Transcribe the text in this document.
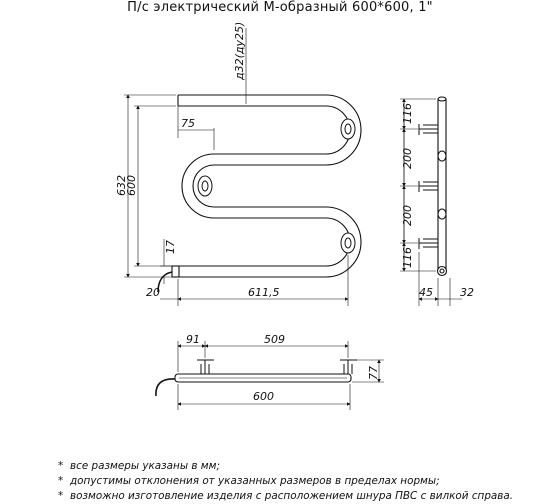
П/с электрический М-образный 600*600, 1"
д32(ду25)
632
600
75
17
20	611,5
116
200
200
116
45 32
91	509
600
77
* все размеры указаны в мм;
* допустимы отклонения от указанных размеров в пределах нормы;
* возможно изготовление изделия с расположением шнура ПВС с вилкой справа.
